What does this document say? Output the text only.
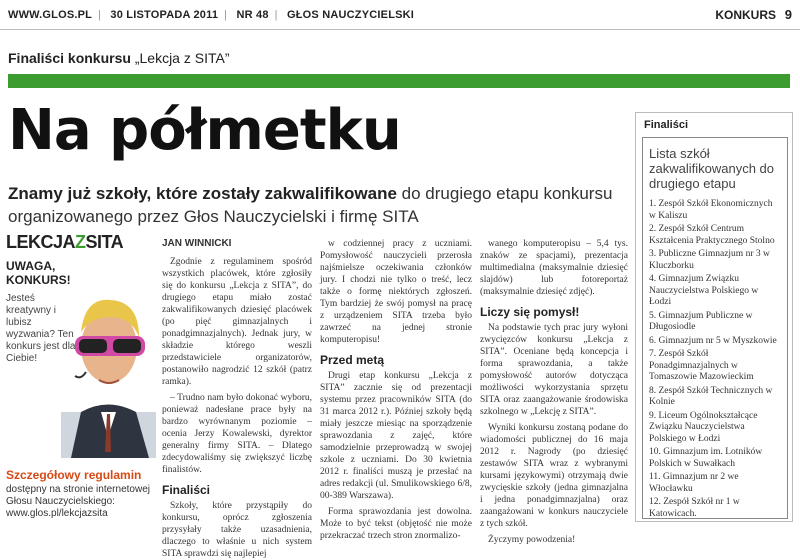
WWW.GLOS.PL | 30 LISTOPADA 2011 | NR 48 | GŁOS NAUCZYCIELSKI	KONKURS 9
Finaliści konkursu „Lekcja z SITA”
Na półmetku
Znamy już szkoły, które zostały zakwalifikowane do drugiego etapu konkursu organizowanego przez Głos Nauczycielski i firmę SITA
LEKCJAZSITA
UWAGA, KONKURS!
Jesteś kreatywny i lubisz wyzwania? Ten konkurs jest dla Ciebie!
Szczegółowy regulamin
dostępny na stronie internetowej Głosu Nauczycielskiego: www.glos.pl/lekcjazsita
JAN WINNICKI

Zgodnie z regulaminem spośród wszystkich placówek, które zgłosiły się do konkursu „Lekcja z SITA”, do drugiego etapu miało zostać zakwalifikowanych dziesięć placówek (po pięć gimnazjalnych i ponadgimnazjalnych). Jednak jury, w składzie którego weszli przedstawiciele organizatorów, postanowiło nagrodzić 12 szkół (patrz ramka).

– Trudno nam było dokonać wyboru, ponieważ nadesłane prace były na bardzo wyrównanym poziomie – ocenia Jerzy Kowalewski, dyrektor generalny firmy SITA. – Dlatego zdecydowaliśmy się zwiększyć liczbę finalistów.

Finaliści

Szkoły, które przystąpiły do konkursu, oprócz zgłoszenia przysyłały także uzasadnienia, dlaczego to właśnie u nich system SITA sprawdzi się najlepiej

w codziennej pracy z uczniami. Pomysłowość nauczycieli przerosła najśmielsze oczekiwania członków jury. I chodzi nie tylko o treść, lecz także o formę niektórych zgłoszeń. Tym bardziej że swój pomysł na pracę z urządzeniem SITA trzeba było zawrzeć na jednej stronie komputeropisu!

Przed metą

Drugi etap konkursu „Lekcja z SITA” zacznie się od prezentacji systemu przez pracowników SITA (do 31 marca 2012 r.). Później szkoły będą miały jeszcze miesiąc na sporządzenie sprawozdania z zajęć, które samodzielnie przeprowadzą w swojej szkole z uczniami. Do 30 kwietnia 2012 r. finaliści muszą je przesłać na adres redakcji (ul. Smulikowskiego 6/8, 00-389 Warszawa).

Forma sprawozdania jest dowolna. Może to być tekst (objętość nie może przekraczać trzech stron znormalizo-

wanego komputeropisu – 5,4 tys. znaków ze spacjami), prezentacja multimedialna (maksymalnie dziesięć slajdów) lub fotoreportaż (maksymalnie dziesięć zdjęć).

Liczy się pomysł!

Na podstawie tych prac jury wyłoni zwycięzców konkursu „Lekcja z SITA”. Oceniane będą koncepcja i forma sprawozdania, a także pomysłowość autorów dotycząca możliwości wykorzystania sprzętu SITA oraz zaangażowanie środowiska szkolnego w „Lekcję z SITA”.

Wyniki konkursu zostaną podane do wiadomości publicznej do 16 maja 2012 r. Nagrody (po dziesięć zestawów SITA wraz z wybranymi kursami językowymi) otrzymają dwie zwycięskie szkoły (jedna gimnazjalna i jedna ponadgimnazjalna) oraz zaangażowani w konkurs nauczyciele z tych szkół.

Życzymy powodzenia!

Finaliści
Lista szkół zakwalifikowanych do drugiego etapu
1. Zespół Szkół Ekonomicznych w Kaliszu
2. Zespół Szkół Centrum Kształcenia Praktycznego Stolno
3. Publiczne Gimnazjum nr 3 w Kluczborku
4. Gimnazjum Związku Nauczycielstwa Polskiego w Łodzi
5. Gimnazjum Publiczne w Długosiodle
6. Gimnazjum nr 5 w Myszkowie
7. Zespół Szkół Ponadgimnazjalnych w Tomaszowie Mazowieckim
8. Zespół Szkół Technicznych w Kolnie
9. Liceum Ogólnokształcące Związku Nauczycielstwa Polskiego w Łodzi
10. Gimnazjum im. Lotników Polskich w Suwałkach
11. Gimnazjum nr 2 we Włocławku
12. Zespół Szkół nr 1 w Katowicach.
